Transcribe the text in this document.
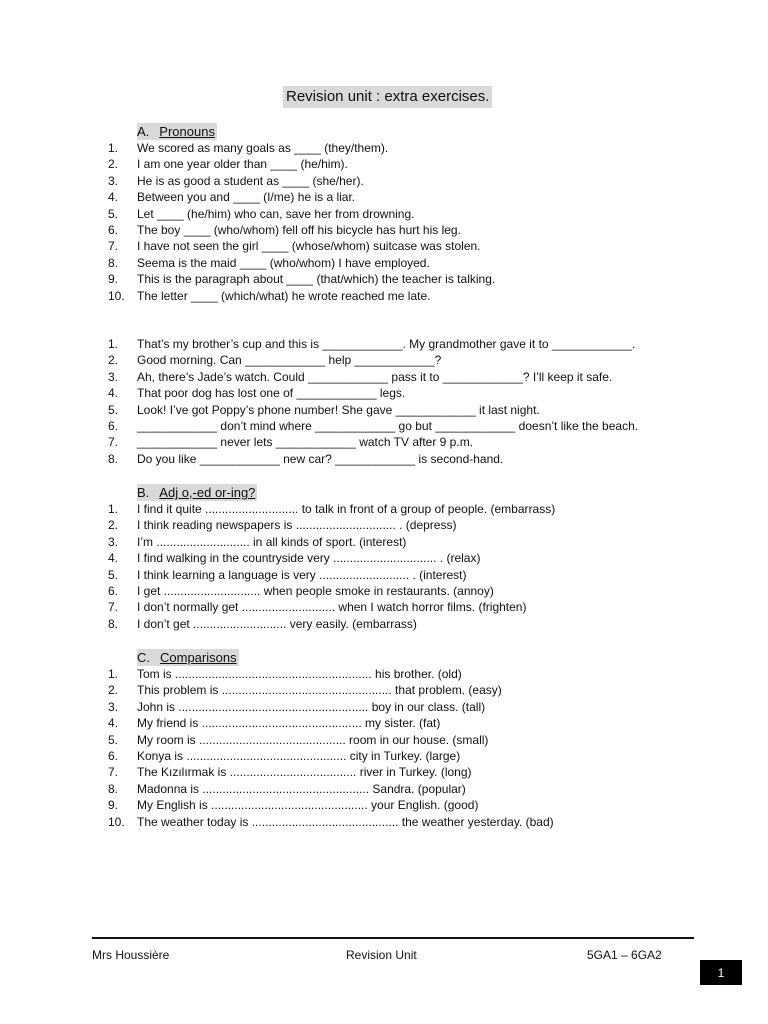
Revision unit : extra exercises.
A. Pronouns
1. We scored as many goals as ____ (they/them).
2. I am one year older than ____ (he/him).
3. He is as good a student as ____ (she/her).
4. Between you and ____ (I/me) he is a liar.
5. Let ____ (he/him) who can, save her from drowning.
6. The boy ____ (who/whom) fell off his bicycle has hurt his leg.
7. I have not seen the girl ____ (whose/whom) suitcase was stolen.
8. Seema is the maid ____ (who/whom) I have employed.
9. This is the paragraph about ____ (that/which) the teacher is talking.
10. The letter ____ (which/what) he wrote reached me late.
1. That’s my brother’s cup and this is ____________. My grandmother gave it to ____________.
2. Good morning. Can ____________ help ____________?
3. Ah, there’s Jade’s watch. Could ____________ pass it to ____________? I’ll keep it safe.
4. That poor dog has lost one of ____________ legs.
5. Look! I’ve got Poppy’s phone number! She gave ____________ it last night.
6. ____________ don’t mind where ____________ go but ____________ doesn’t like the beach.
7. ____________ never lets ____________ watch TV after 9 p.m.
8. Do you like ____________ new car? ____________ is second-hand.
B. Adj o,-ed or-ing?
1. I find it quite ............................ to talk in front of a group of people. (embarrass)
2. I think reading newspapers is .............................. . (depress)
3. I’m ............................ in all kinds of sport. (interest)
4. I find walking in the countryside very ............................... . (relax)
5. I think learning a language is very ........................... . (interest)
6. I get ............................. when people smoke in restaurants. (annoy)
7. I don’t normally get ............................ when I watch horror films. (frighten)
8. I don’t get ............................ very easily. (embarrass)
C. Comparisons
1. Tom is ........................................................... his brother. (old)
2. This problem is ................................................... that problem. (easy)
3. John is ......................................................... boy in our class. (tall)
4. My friend is ................................................ my sister. (fat)
5. My room is ............................................ room in our house. (small)
6. Konya is ................................................ city in Turkey. (large)
7. The Kızılırmak is ...................................... river in Turkey. (long)
8. Madonna is .................................................. Sandra. (popular)
9. My English is ............................................... your English. (good)
10. The weather today is ............................................ the weather yesterday. (bad)
Mrs Houssière	Revision Unit	5GA1 – 6GA2
1
